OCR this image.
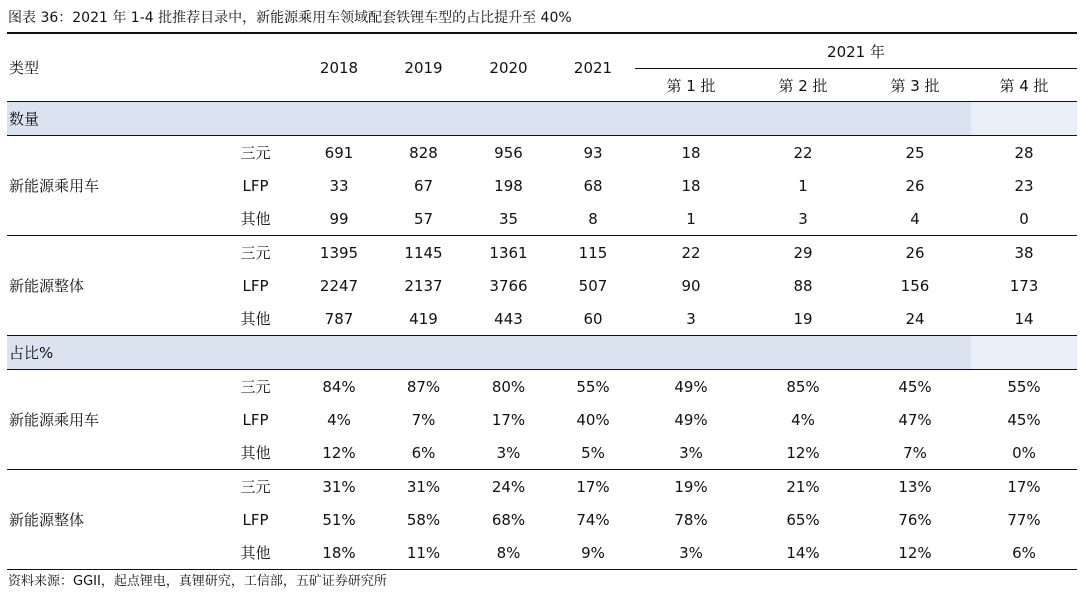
图表 36：2021 年 1-4 批推荐目录中，新能源乘用车领域配套铁锂车型的占比提升至 40%
类型		2018	2019	2020	2021	2021 年			
						第 1 批	第 2 批	第 3 批	第 4 批
数量									
新能源乘用车	三元	691	828	956	93	18	22	25	28
	LFP	33	67	198	68	18	1	26	23
	其他	99	57	35	8	1	3	4	0
新能源整体	三元	1395	1145	1361	115	22	29	26	38
	LFP	2247	2137	3766	507	90	88	156	173
	其他	787	419	443	60	3	19	24	14
占比%									
新能源乘用车	三元	84%	87%	80%	55%	49%	85%	45%	55%
	LFP	4%	7%	17%	40%	49%	4%	47%	45%
	其他	12%	6%	3%	5%	3%	12%	7%	0%
新能源整体	三元	31%	31%	24%	17%	19%	21%	13%	17%
	LFP	51%	58%	68%	74%	78%	65%	76%	77%
	其他	18%	11%	8%	9%	3%	14%	12%	6%
资料来源：GGII，起点锂电，真锂研究，工信部，五矿证券研究所
